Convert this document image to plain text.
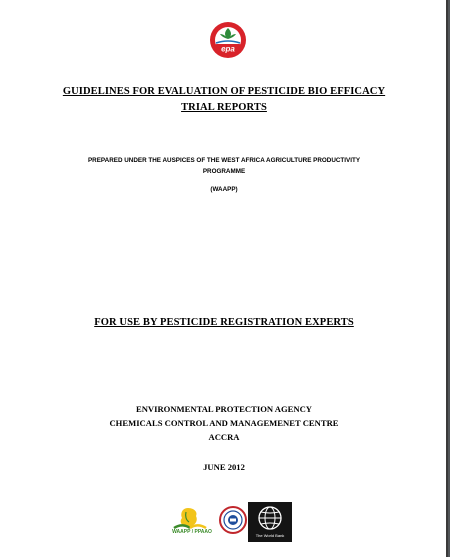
epa
GUIDELINES FOR EVALUATION OF PESTICIDE BIO EFFICACY
TRIAL REPORTS
PREPARED UNDER THE AUSPICES OF THE WEST AFRICA AGRICULTURE PRODUCTIVITY
PROGRAMME
(WAAPP)
FOR USE BY PESTICIDE REGISTRATION EXPERTS
ENVIRONMENTAL PROTECTION AGENCY
CHEMICALS CONTROL AND MANAGEMENET CENTRE
ACCRA
JUNE 2012
WAAPP / PPAAO
The World Bank
